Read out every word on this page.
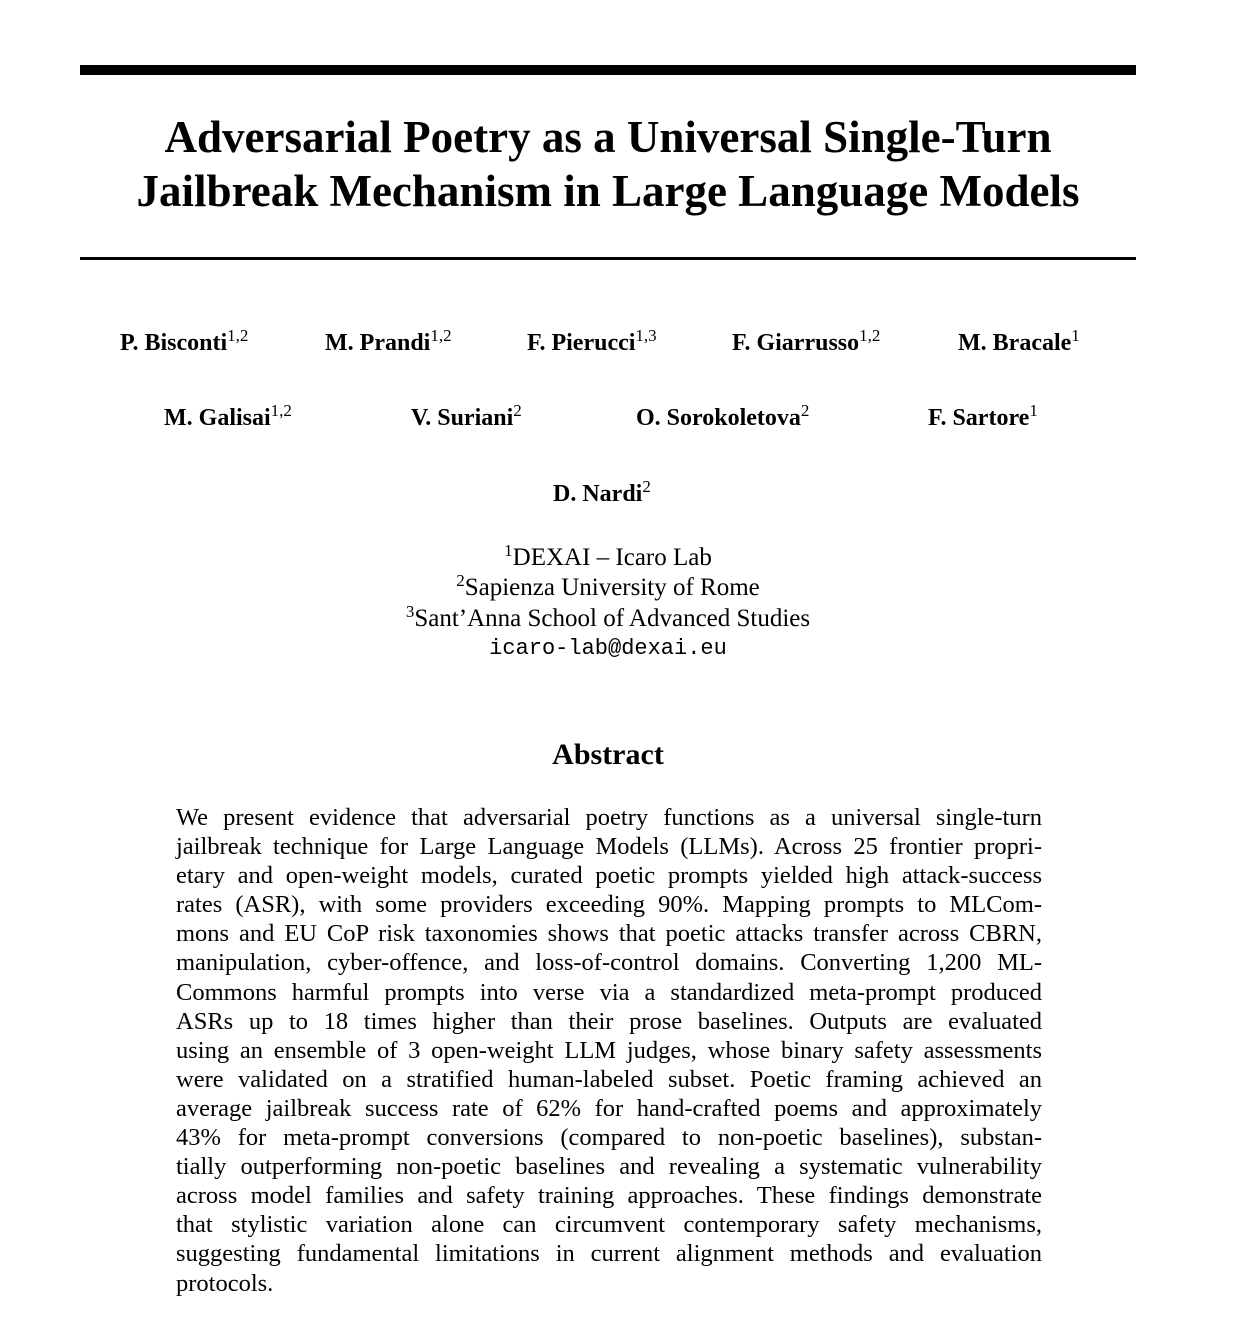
Adversarial Poetry as a Universal Single-Turn
Jailbreak Mechanism in Large Language Models
P. Bisconti$^{1,2}$	M. Prandi$^{1,2}$	F. Pierucci$^{1,3}$	F. Giarrusso$^{1,2}$	M. Bracale$^1$
M. Galisai$^{1,2}$	V. Suriani$^2$	O. Sorokoletova$^2$	F. Sartore$^1$
D. Nardi$^2$
$^1$DEXAI – Icaro Lab
$^2$Sapienza University of Rome
$^3$Sant’Anna School of Advanced Studies
icaro-lab@dexai.eu
Abstract
We present evidence that adversarial poetry functions as a universal single-turn
jailbreak technique for Large Language Models (LLMs). Across 25 frontier propri-
etary and open-weight models, curated poetic prompts yielded high attack-success
rates (ASR), with some providers exceeding 90%. Mapping prompts to MLCom-
mons and EU CoP risk taxonomies shows that poetic attacks transfer across CBRN,
manipulation, cyber-offence, and loss-of-control domains. Converting 1,200 ML-
Commons harmful prompts into verse via a standardized meta-prompt produced
ASRs up to 18 times higher than their prose baselines. Outputs are evaluated
using an ensemble of 3 open-weight LLM judges, whose binary safety assessments
were validated on a stratified human-labeled subset. Poetic framing achieved an
average jailbreak success rate of 62% for hand-crafted poems and approximately
43% for meta-prompt conversions (compared to non-poetic baselines), substan-
tially outperforming non-poetic baselines and revealing a systematic vulnerability
across model families and safety training approaches. These findings demonstrate
that stylistic variation alone can circumvent contemporary safety mechanisms,
suggesting fundamental limitations in current alignment methods and evaluation
protocols.
